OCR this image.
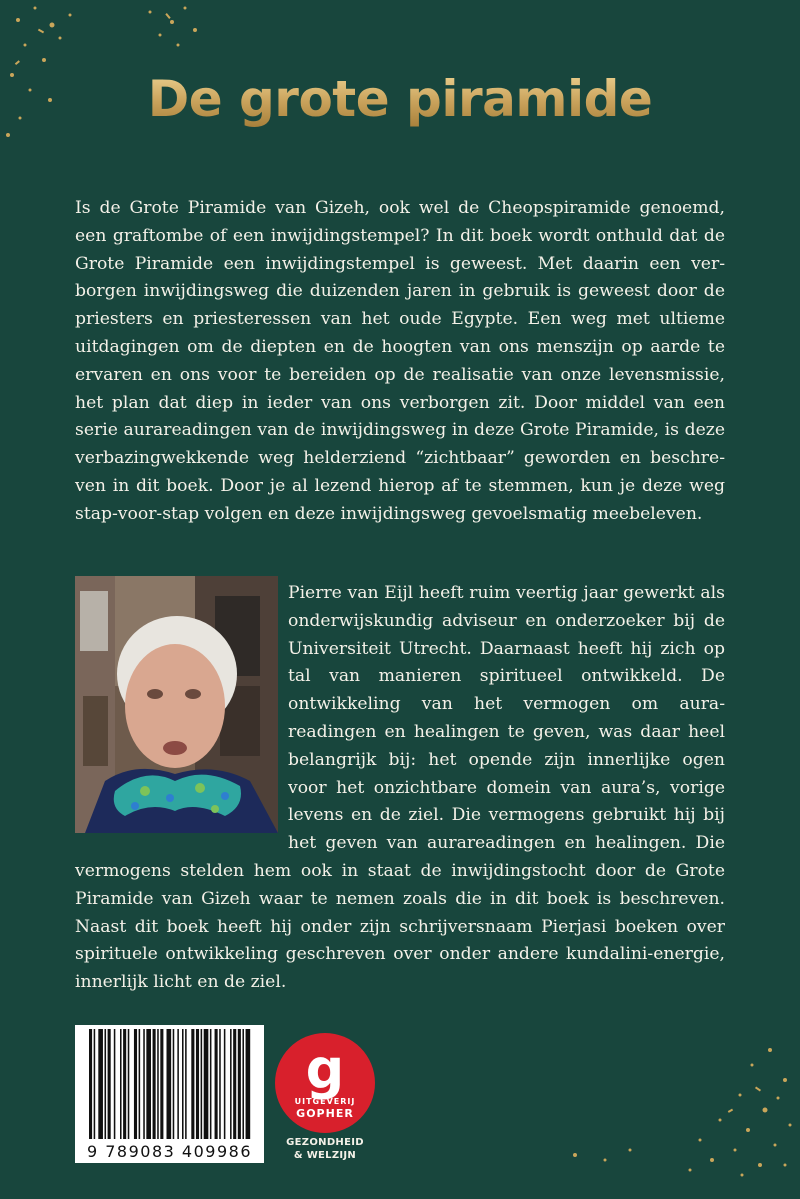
De grote piramide

Is de Grote Piramide van Gizeh, ook wel de Cheopspiramide genoemd, een graftombe of een inwijdingstempel? In dit boek wordt onthuld dat de Grote Piramide een inwijdingstempel is geweest. Met daarin een verborgen inwijdingsweg die duizenden jaren in gebruik is geweest door de priesters en priesteressen van het oude Egypte. Een weg met ultieme uitdagingen om de diepten en de hoogten van ons menszijn op aarde te ervaren en ons voor te bereiden op de realisatie van onze levensmissie, het plan dat diep in ieder van ons verborgen zit. Door middel van een serie aurareadingen van de inwijdingsweg in deze Grote Piramide, is deze verbazingwekkende weg helderziend “zichtbaar” geworden en beschreven in dit boek. Door je al lezend hierop af te stemmen, kun je deze weg stap-voor-stap volgen en deze inwijdingsweg gevoelsmatig meebeleven.

Pierre van Eijl heeft ruim veertig jaar gewerkt als onderwijskundig adviseur en onderzoeker bij de Universiteit Utrecht. Daarnaast heeft hij zich op tal van manieren spiritueel ontwikkeld. De ontwikkeling van het vermogen om aurareadingen en healingen te geven, was daar heel belangrijk bij: het opende zijn innerlijke ogen voor het onzichtbare domein van aura’s, vorige levens en de ziel. Die vermogens gebruikt hij bij het geven van aurareadingen en healingen. Die vermogens stelden hem ook in staat de inwijdingstocht door de Grote Piramide van Gizeh waar te nemen zoals die in dit boek is beschreven. Naast dit boek heeft hij onder zijn schrijversnaam Pierjasi boeken over spirituele ontwikkeling geschreven over onder andere kundalini-energie, innerlijk licht en de ziel.

9 789083 409986
g
UITGEVERIJ
GOPHER
GEZONDHEID
& WELZIJN
